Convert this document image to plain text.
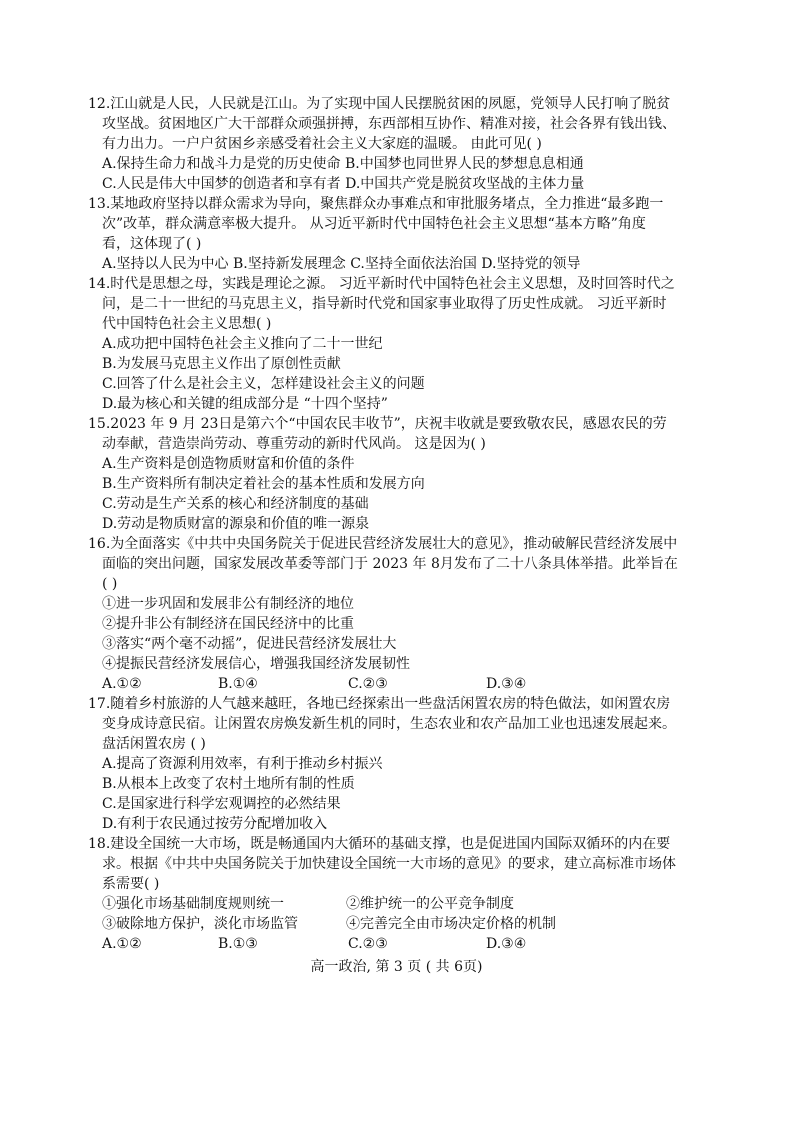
12.江山就是人民，人民就是江山。为了实现中国人民摆脱贫困的夙愿，党领导人民打响了脱贫
攻坚战。贫困地区广大干部群众顽强拼搏，东西部相互协作、精准对接，社会各界有钱出钱、
有力出力。一户户贫困乡亲感受着社会主义大家庭的温暖。 由此可见( )
A.保持生命力和战斗力是党的历史使命 B.中国梦也同世界人民的梦想息息相通
C.人民是伟大中国梦的创造者和享有者 D.中国共产党是脱贫攻坚战的主体力量
13.某地政府坚持以群众需求为导向，聚焦群众办事难点和审批服务堵点，全力推进“最多跑一
次”改革，群众满意率极大提升。 从习近平新时代中国特色社会主义思想“基本方略”角度
看，这体现了( )
A.坚持以人民为中心 B.坚持新发展理念 C.坚持全面依法治国 D.坚持党的领导
14.时代是思想之母，实践是理论之源。 习近平新时代中国特色社会主义思想，及时回答时代之
问，是二十一世纪的马克思主义，指导新时代党和国家事业取得了历史性成就。 习近平新时
代中国特色社会主义思想( )
A.成功把中国特色社会主义推向了二十一世纪
B.为发展马克思主义作出了原创性贡献
C.回答了什么是社会主义，怎样建设社会主义的问题
D.最为核心和关键的组成部分是 “十四个坚持”
15.2023 年 9 月 23日是第六个“中国农民丰收节”，庆祝丰收就是要致敬农民，感恩农民的劳
动奉献，营造崇尚劳动、尊重劳动的新时代风尚。 这是因为( )
A.生产资料是创造物质财富和价值的条件
B.生产资料所有制决定着社会的基本性质和发展方向
C.劳动是生产关系的核心和经济制度的基础
D.劳动是物质财富的源泉和价值的唯一源泉
16.为全面落实《中共中央国务院关于促进民营经济发展壮大的意见》，推动破解民营经济发展中
面临的突出问题，国家发展改革委等部门于 2023 年 8月发布了二十八条具体举措。此举旨在
( )
①进一步巩固和发展非公有制经济的地位
②提升非公有制经济在国民经济中的比重
③落实“两个毫不动摇”，促进民营经济发展壮大
④提振民营经济发展信心，增强我国经济发展韧性
A.①②	B.①④	C.②③	D.③④
17.随着乡村旅游的人气越来越旺，各地已经探索出一些盘活闲置农房的特色做法，如闲置农房
变身成诗意民宿。让闲置农房焕发新生机的同时，生态农业和农产品加工业也迅速发展起来。
盘活闲置农房 ( )
A.提高了资源利用效率，有利于推动乡村振兴
B.从根本上改变了农村土地所有制的性质
C.是国家进行科学宏观调控的必然结果
D.有利于农民通过按劳分配增加收入
18.建设全国统一大市场，既是畅通国内大循环的基础支撑，也是促进国内国际双循环的内在要
求。根据《中共中央国务院关于加快建设全国统一大市场的意见》的要求，建立高标准市场体
系需要( )
①强化市场基础制度规则统一	②维护统一的公平竞争制度
③破除地方保护，淡化市场监管	④完善完全由市场决定价格的机制
A.①②	B.①③	C.②③	D.③④
高一政治, 第 3 页 ( 共 6页)
